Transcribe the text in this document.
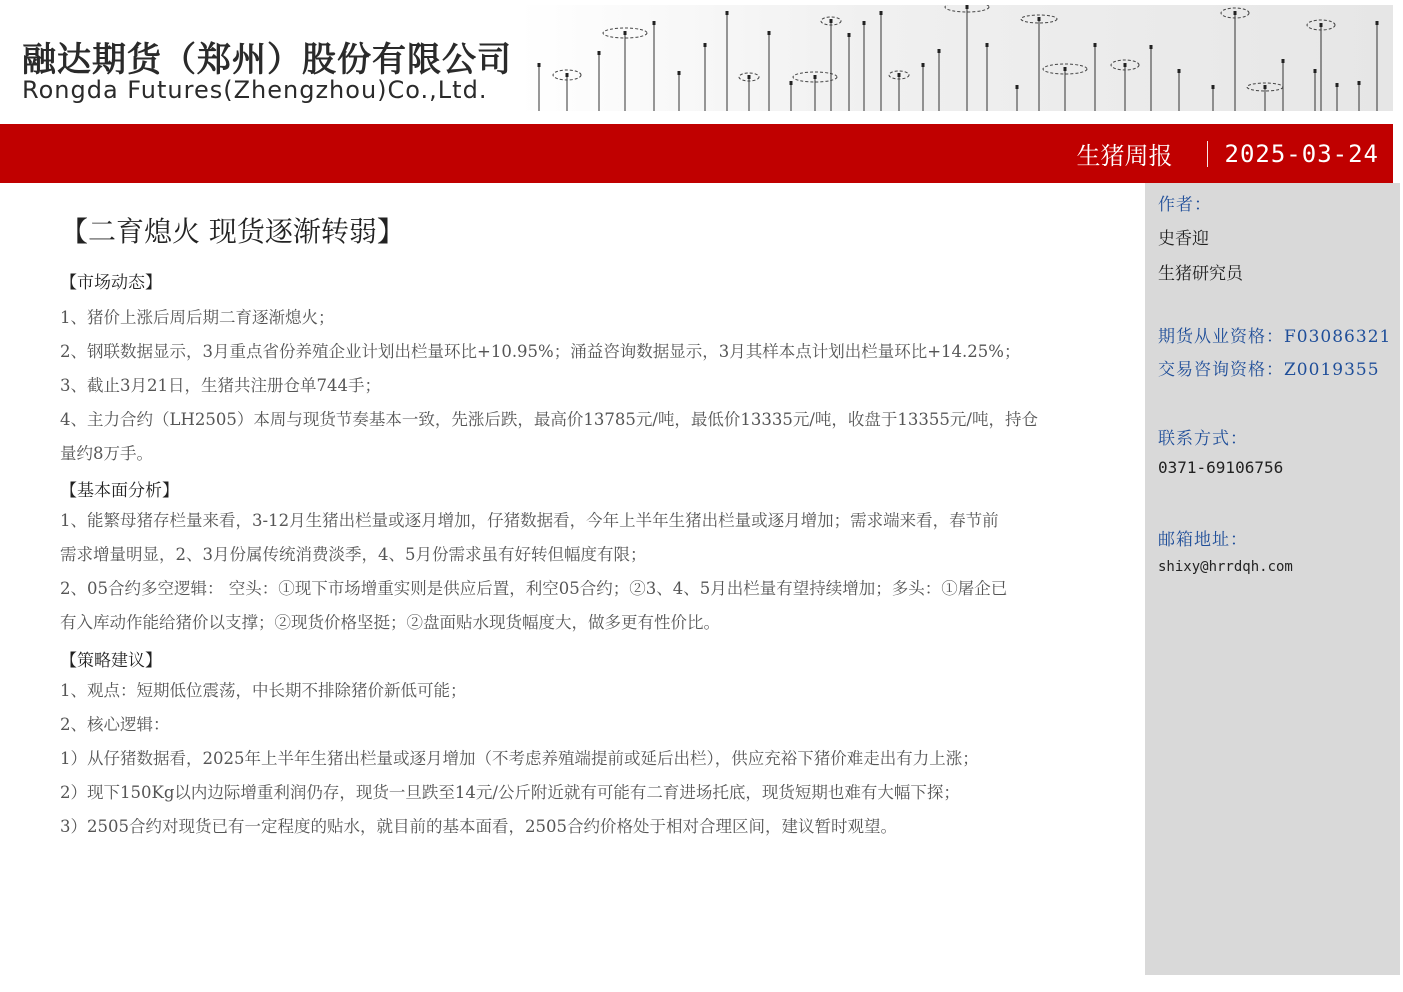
融达期货（郑州）股份有限公司
Rongda Futures(Zhengzhou)Co.,Ltd.
生猪周报 2025-03-24
【二育熄火 现货逐渐转弱】
【市场动态】
1、猪价上涨后周后期二育逐渐熄火；
2、钢联数据显示，3月重点省份养殖企业计划出栏量环比+10.95%；涌益咨询数据显示，3月其样本点计划出栏量环比+14.25%；
3、截止3月21日，生猪共注册仓单744手；
4、主力合约（LH2505）本周与现货节奏基本一致，先涨后跌，最高价13785元/吨，最低价13335元/吨，收盘于13355元/吨，持仓
量约8万手。
【基本面分析】
1、能繁母猪存栏量来看，3-12月生猪出栏量或逐月增加，仔猪数据看，今年上半年生猪出栏量或逐月增加；需求端来看，春节前
需求增量明显，2、3月份属传统消费淡季，4、5月份需求虽有好转但幅度有限；
2、05合约多空逻辑： 空头：①现下市场增重实则是供应后置，利空05合约；②3、4、5月出栏量有望持续增加；多头：①屠企已
有入库动作能给猪价以支撑；②现货价格坚挺；②盘面贴水现货幅度大，做多更有性价比。
【策略建议】
1、观点：短期低位震荡，中长期不排除猪价新低可能；
2、核心逻辑：
1）从仔猪数据看，2025年上半年生猪出栏量或逐月增加（不考虑养殖端提前或延后出栏），供应充裕下猪价难走出有力上涨；
2）现下150Kg以内边际增重利润仍存，现货一旦跌至14元/公斤附近就有可能有二育进场托底，现货短期也难有大幅下探；
3）2505合约对现货已有一定程度的贴水，就目前的基本面看，2505合约价格处于相对合理区间，建议暂时观望。
作者：
史香迎
生猪研究员
期货从业资格：F03086321
交易咨询资格：Z0019355
联系方式：
0371-69106756
邮箱地址：
shixy@hrrdqh.com
